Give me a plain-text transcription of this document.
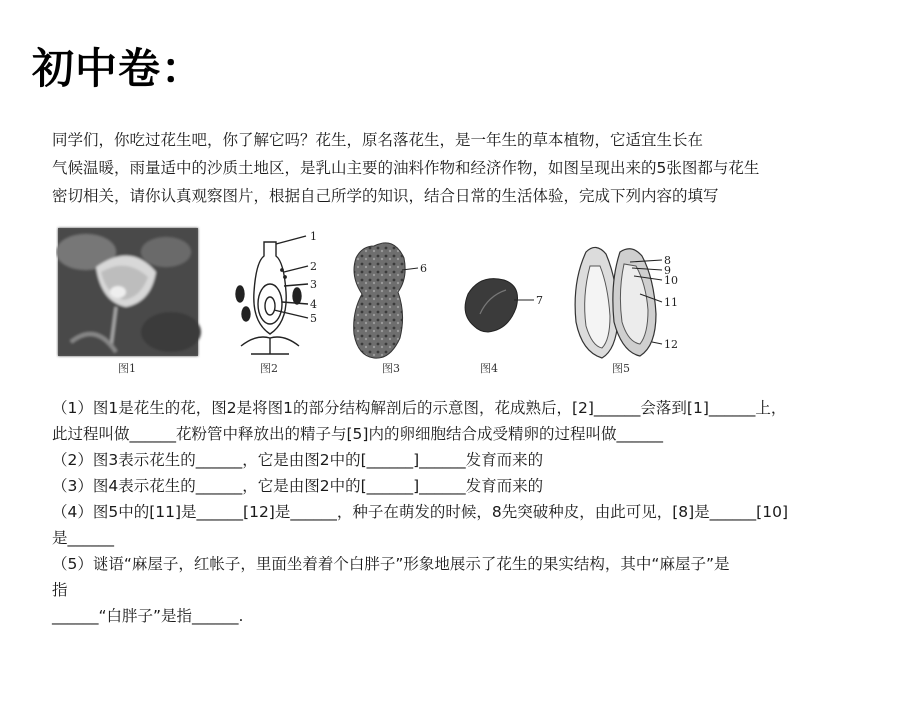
初中卷：
同学们，你吃过花生吧，你了解它吗？花生，原名落花生，是一年生的草本植物，它适宜生长在
气候温暖，雨量适中的沙质土地区，是乳山主要的油料作物和经济作物，如图呈现出来的5张图都与花生
密切相关，请你认真观察图片，根据自己所学的知识，结合日常的生活体验，完成下列内容的填写
图1
1
2
3
4
5
图2
6
图3
7
图4
8
9
10
11
12
图5
（1）图1是花生的花，图2是将图1的部分结构解剖后的示意图，花成熟后，[2]______会落到[1]______上，
此过程叫做______花粉管中释放出的精子与[5]内的卵细胞结合成受精卵的过程叫做______
（2）图3表示花生的______，它是由图2中的[______]______发育而来的
（3）图4表示花生的______，它是由图2中的[______]______发育而来的
（4）图5中的[11]是______[12]是______，种子在萌发的时候，8先突破种皮，由此可见，[8]是______[10]
是______
（5）谜语“麻屋子，红帐子，里面坐着着个白胖子”形象地展示了花生的果实结构，其中“麻屋子”是
指
______“白胖子”是指______.
